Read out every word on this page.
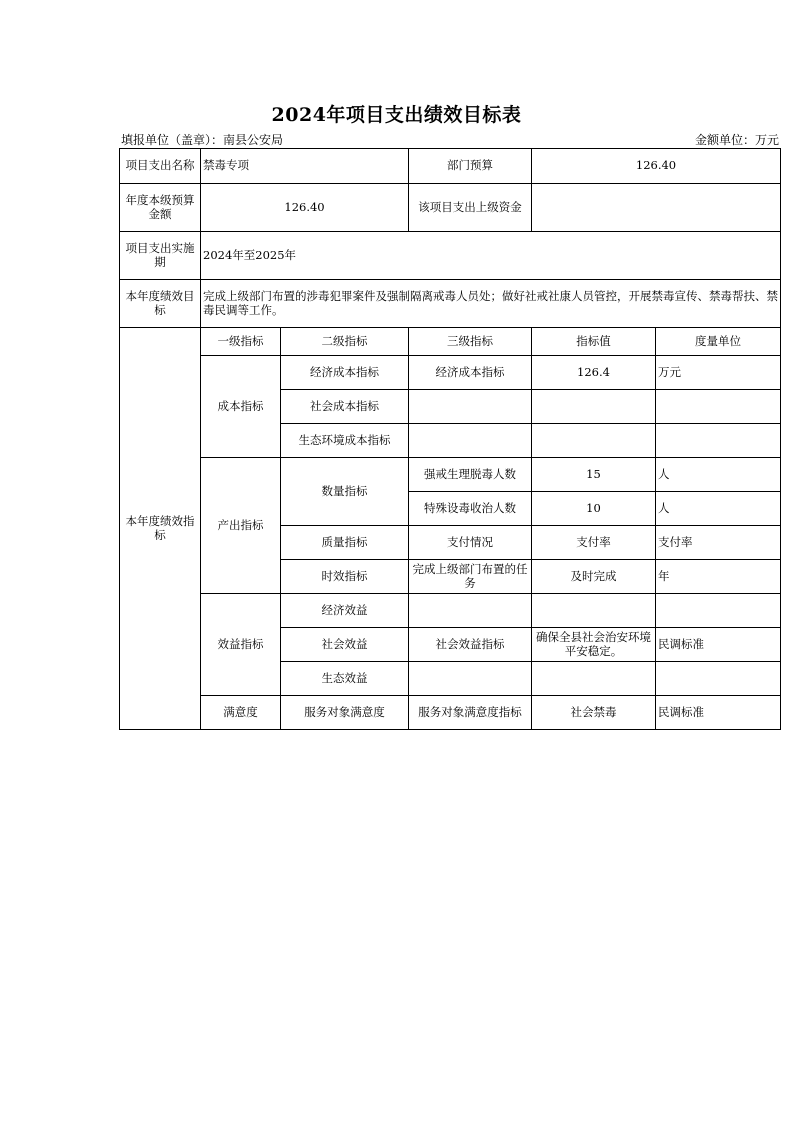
2024年项目支出绩效目标表
填报单位（盖章）：南县公安局	金额单位：万元
项目支出名称	禁毒专项		部门预算	126.40	
年度本级预算金额	126.40		该项目支出上级资金		
项目支出实施期	2024年至2025年				
本年度绩效目标	完成上级部门布置的涉毒犯罪案件及强制隔离戒毒人员处；做好社戒社康人员管控，开展禁毒宣传、禁毒帮扶、禁毒民调等工作。				
本年度绩效指标	一级指标	二级指标	三级指标	指标值	度量单位
	成本指标	经济成本指标	经济成本指标	126.4	万元
		社会成本指标			
		生态环境成本指标			
	产出指标	数量指标	强戒生理脱毒人数	15	人
			特殊设毒收治人数	10	人
		质量指标	支付情况	支付率	支付率
		时效指标	完成上级部门布置的任务	及时完成	年
	效益指标	经济效益			
		社会效益	社会效益指标	确保全县社会治安环境平安稳定。	民调标准
		生态效益			
	满意度	服务对象满意度	服务对象满意度指标	社会禁毒	民调标准
